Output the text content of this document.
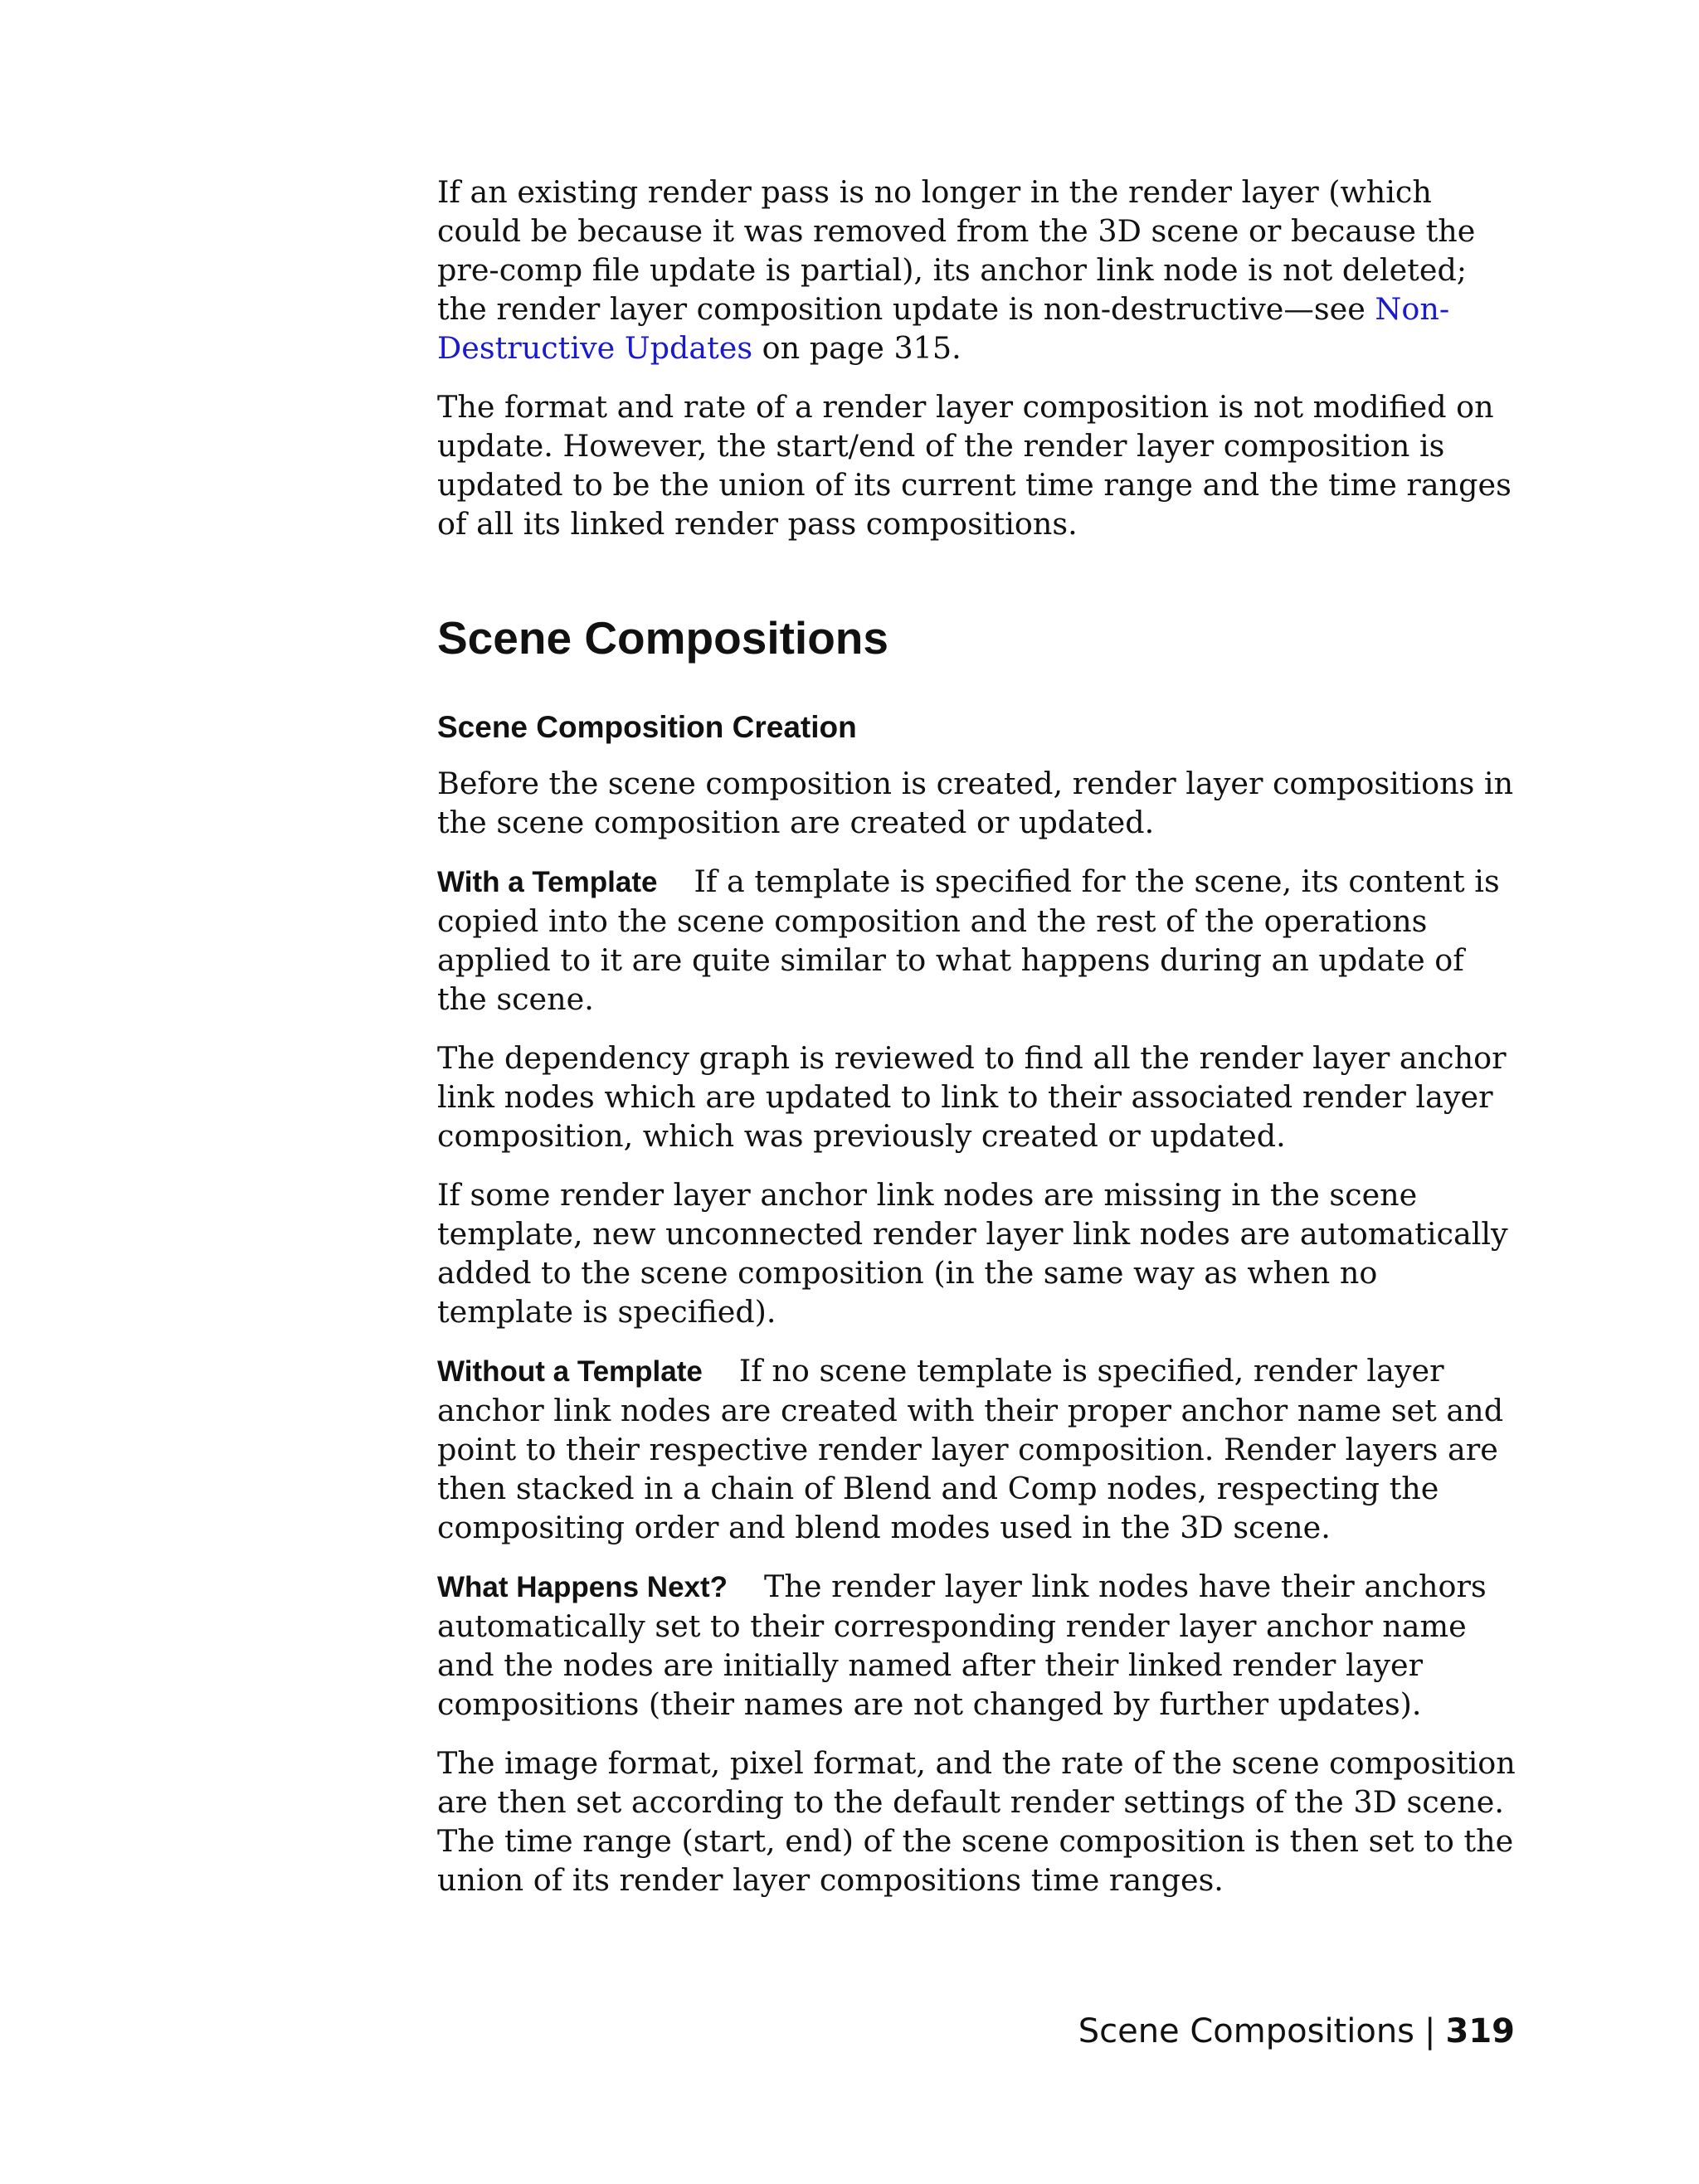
If an existing render pass is no longer in the render layer (which could be because it was removed from the 3D scene or because the pre-comp file update is partial), its anchor link node is not deleted; the render layer composition update is non-destructive—see Non-Destructive Updates on page 315.

The format and rate of a render layer composition is not modified on update. However, the start/end of the render layer composition is updated to be the union of its current time range and the time ranges of all its linked render pass compositions.

Scene Compositions
Scene Composition Creation

Before the scene composition is created, render layer compositions in the scene composition are created or updated.

With a Template If a template is specified for the scene, its content is copied into the scene composition and the rest of the operations applied to it are quite similar to what happens during an update of the scene.

The dependency graph is reviewed to find all the render layer anchor link nodes which are updated to link to their associated render layer composition, which was previously created or updated.

If some render layer anchor link nodes are missing in the scene template, new unconnected render layer link nodes are automatically added to the scene composition (in the same way as when no template is specified).

Without a Template If no scene template is specified, render layer anchor link nodes are created with their proper anchor name set and point to their respective render layer composition. Render layers are then stacked in a chain of Blend and Comp nodes, respecting the compositing order and blend modes used in the 3D scene.

What Happens Next? The render layer link nodes have their anchors automatically set to their corresponding render layer anchor name and the nodes are initially named after their linked render layer compositions (their names are not changed by further updates).

The image format, pixel format, and the rate of the scene composition are then set according to the default render settings of the 3D scene. The time range (start, end) of the scene composition is then set to the union of its render layer compositions time ranges.

Scene Compositions | 319
